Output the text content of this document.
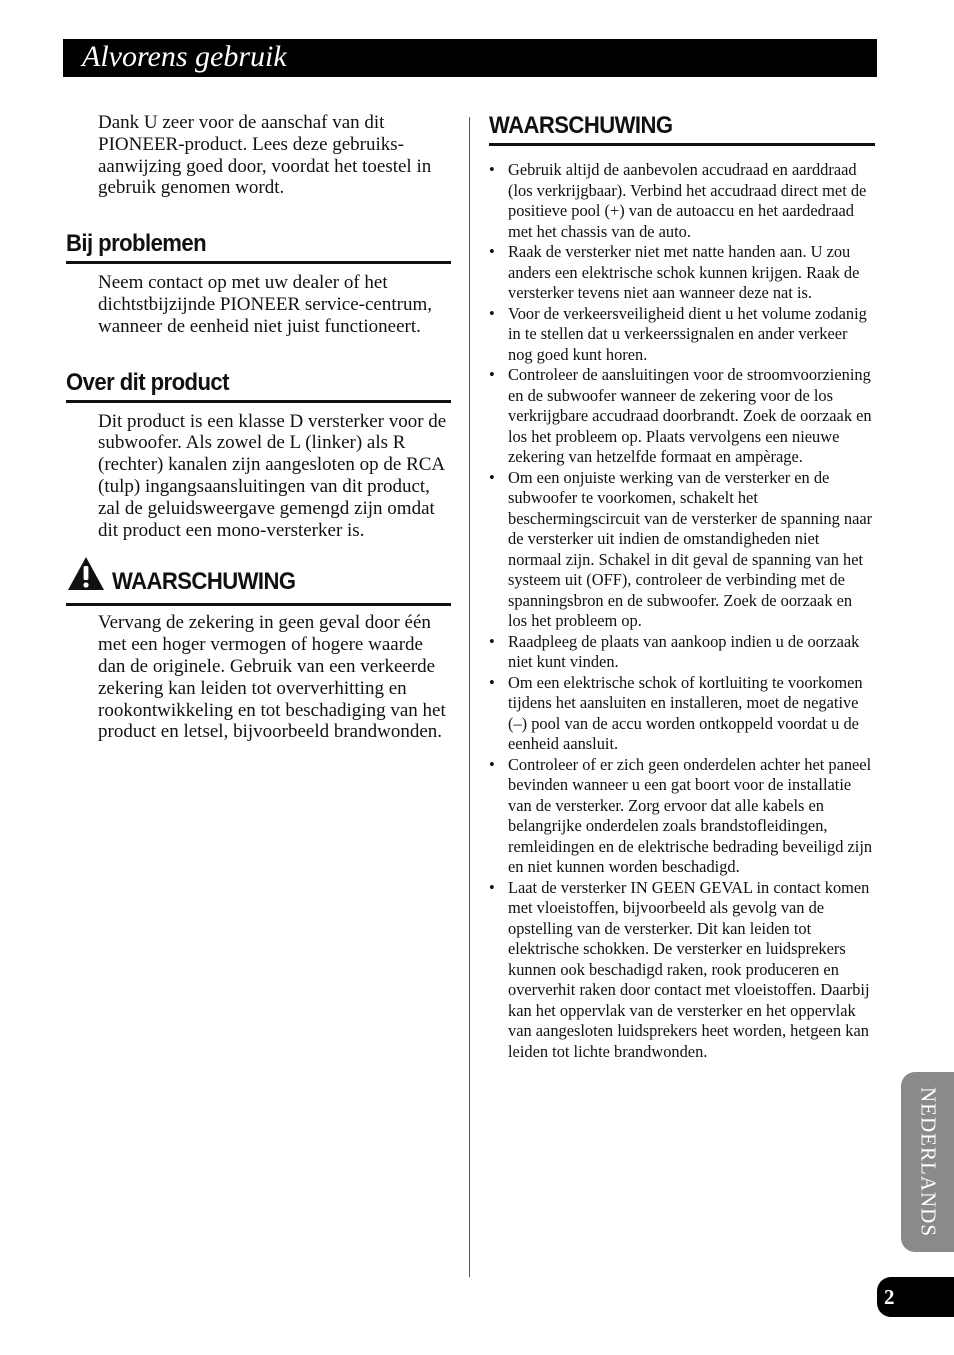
Alvorens gebruik

Dank U zeer voor de aanschaf van dit PIONEER-product. Lees deze gebruiks-aanwijzing goed door, voordat het toestel in gebruik genomen wordt.

Bij problemen

Neem contact op met uw dealer of het dichtstbijzijnde PIONEER service-centrum, wanneer de eenheid niet juist functioneert.

Over dit product

Dit product is een klasse D versterker voor de subwoofer. Als zowel de L (linker) als R (rechter) kanalen zijn aangesloten op de RCA (tulp) ingangsaansluitingen van dit product, zal de geluidsweergave gemengd zijn omdat dit product een mono-versterker is.

WAARSCHUWING

Vervang de zekering in geen geval door één met een hoger vermogen of hogere waarde dan de originele. Gebruik van een verkeerde zekering kan leiden tot oververhitting en rookontwikkeling en tot beschadiging van het product en letsel, bijvoorbeeld brandwonden.

WAARSCHUWING
• Gebruik altijd de aanbevolen accudraad en aarddraad (los verkrijgbaar). Verbind het accudraad direct met de positieve pool (+) van de autoaccu en het aardedraad met het chassis van de auto.
• Raak de versterker niet met natte handen aan. U zou anders een elektrische schok kunnen krijgen. Raak de versterker tevens niet aan wanneer deze nat is.
• Voor de verkeersveiligheid dient u het volume zodanig in te stellen dat u verkeerssignalen en ander verkeer nog goed kunt horen.
• Controleer de aansluitingen voor de stroomvoorziening en de subwoofer wanneer de zekering voor de los verkrijgbare accudraad doorbrandt. Zoek de oorzaak en los het probleem op. Plaats vervolgens een nieuwe zekering van hetzelfde formaat en ampèrage.
• Om een onjuiste werking van de versterker en de subwoofer te voorkomen, schakelt het beschermingscircuit van de versterker de spanning naar de versterker uit indien de omstandigheden niet normaal zijn. Schakel in dit geval de spanning van het systeem uit (OFF), controleer de verbinding met de spanningsbron en de subwoofer. Zoek de oorzaak en los het probleem op.
• Raadpleeg de plaats van aankoop indien u de oorzaak niet kunt vinden.
• Om een elektrische schok of kortluiting te voorkomen tijdens het aansluiten en installeren, moet de negative (–) pool van de accu worden ontkoppeld voordat u de eenheid aansluit.
• Controleer of er zich geen onderdelen achter het paneel bevinden wanneer u een gat boort voor de installatie van de versterker. Zorg ervoor dat alle kabels en belangrijke onderdelen zoals brandstofleidingen, remleidingen en de elektrische bedrading beveiligd zijn en niet kunnen worden beschadigd.
• Laat de versterker IN GEEN GEVAL in contact komen met vloeistoffen, bijvoorbeeld als gevolg van de opstelling van de versterker. Dit kan leiden tot elektrische schokken. De versterker en luidsprekers kunnen ook beschadigd raken, rook produceren en oververhit raken door contact met vloeistoffen. Daarbij kan het oppervlak van de versterker en het oppervlak van aangesloten luidsprekers heet worden, hetgeen kan leiden tot lichte brandwonden.
NEDERLANDS
2
